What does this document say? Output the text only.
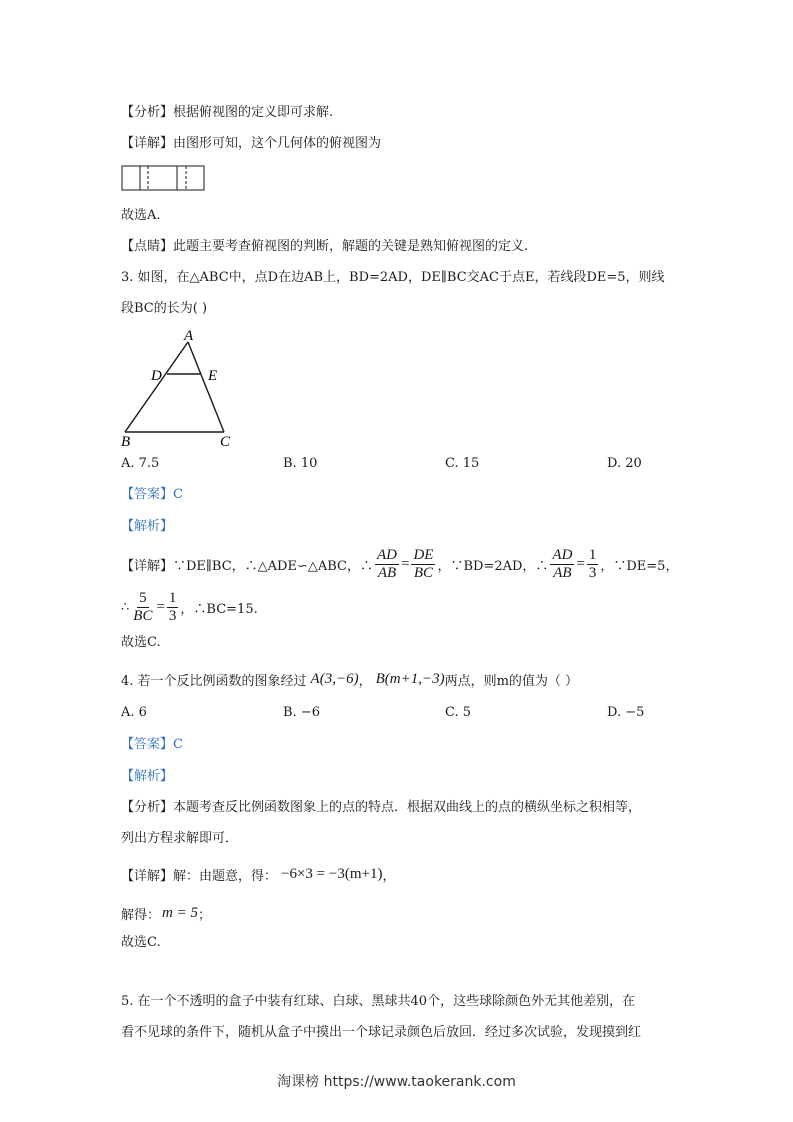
【分析】根据俯视图的定义即可求解.
【详解】由图形可知，这个几何体的俯视图为
故选A.
【点睛】此题主要考查俯视图的判断，解题的关键是熟知俯视图的定义.
3. 如图，在△ABC中，点D在边AB上，BD=2AD，DE∥BC交AC于点E，若线段DE=5，则线
段BC的长为( )
A
D	E
B	C
A. 7.5	B. 10	C. 15	D. 20
【答案】C
【解析】
【详解】∵DE∥BC，∴△ADE∽△ABC，∴ $\frac{AD}{AB} = \frac{DE}{BC}$ ，∵BD=2AD，∴ $\frac{AD}{AB} = \frac{1}{3}$ ，∵DE=5，
∴ $\frac{5}{BC} = \frac{1}{3}$ ，∴BC=15.
故选C.
4. 若一个反比例函数的图象经过 A(3,−6) ， B(m+1,−3) 两点，则m的值为（ ）
A. 6	B. −6	C. 5	D. −5
【答案】C
【解析】
【分析】本题考查反比例函数图象上的点的特点．根据双曲线上的点的横纵坐标之积相等，
列出方程求解即可．
【详解】解：由题意，得： −6×3 = −3(m+1) ，
解得： m = 5 ；
故选C.
5. 在一个不透明的盒子中装有红球、白球、黑球共40个，这些球除颜色外无其他差别，在
看不见球的条件下，随机从盒子中摸出一个球记录颜色后放回．经过多次试验，发现摸到红
淘课榜 https://www.taokerank.com
